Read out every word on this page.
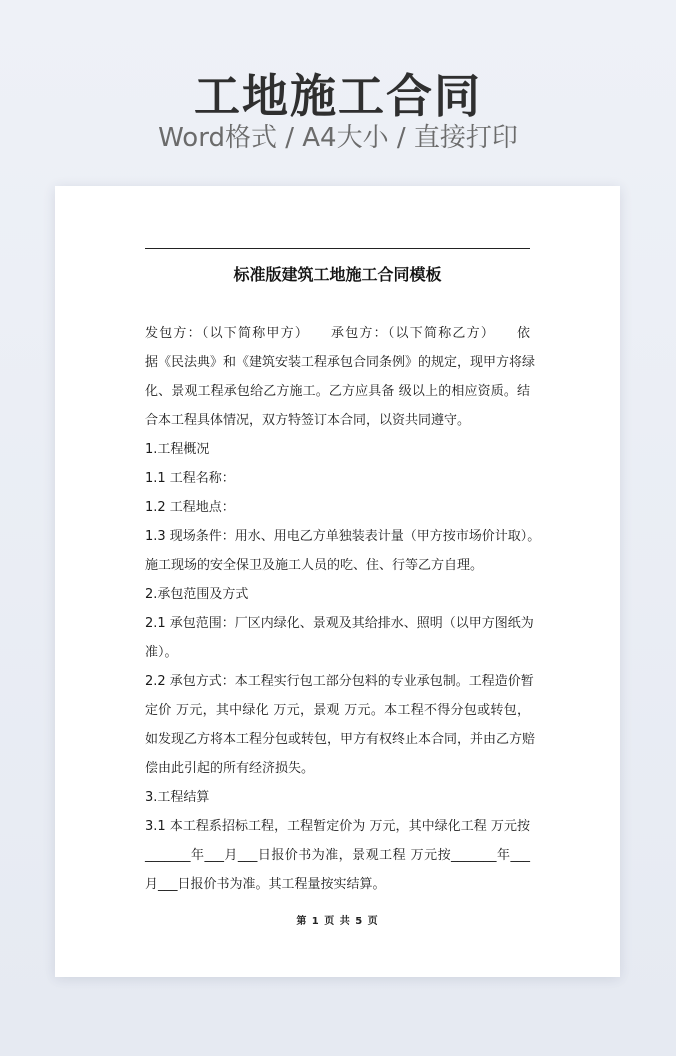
工地施工合同
Word格式 / A4大小 / 直接打印
标准版建筑工地施工合同模板
发包方：（以下简称甲方）　　承包方：（以下简称乙方）　　依
据《民法典》和《建筑安装工程承包合同条例》的规定，现甲方将绿
化、景观工程承包给乙方施工。乙方应具备 级以上的相应资质。结
合本工程具体情况，双方特签订本合同，以资共同遵守。
1.工程概况
1.1 工程名称：
1.2 工程地点：
1.3 现场条件：用水、用电乙方单独装表计量（甲方按市场价计取）。
施工现场的安全保卫及施工人员的吃、住、行等乙方自理。
2.承包范围及方式
2.1 承包范围：厂区内绿化、景观及其给排水、照明（以甲方图纸为
准）。
2.2 承包方式：本工程实行包工部分包料的专业承包制。工程造价暂
定价 万元，其中绿化 万元，景观 万元。本工程不得分包或转包，
如发现乙方将本工程分包或转包，甲方有权终止本合同，并由乙方赔
偿由此引起的所有经济损失。
3.工程结算
3.1 本工程系招标工程，工程暂定价为 万元，其中绿化工程 万元按
_______年___月___日报价书为准，景观工程 万元按_______年___
月___日报价书为准。其工程量按实结算。
第 1 页 共 5 页
